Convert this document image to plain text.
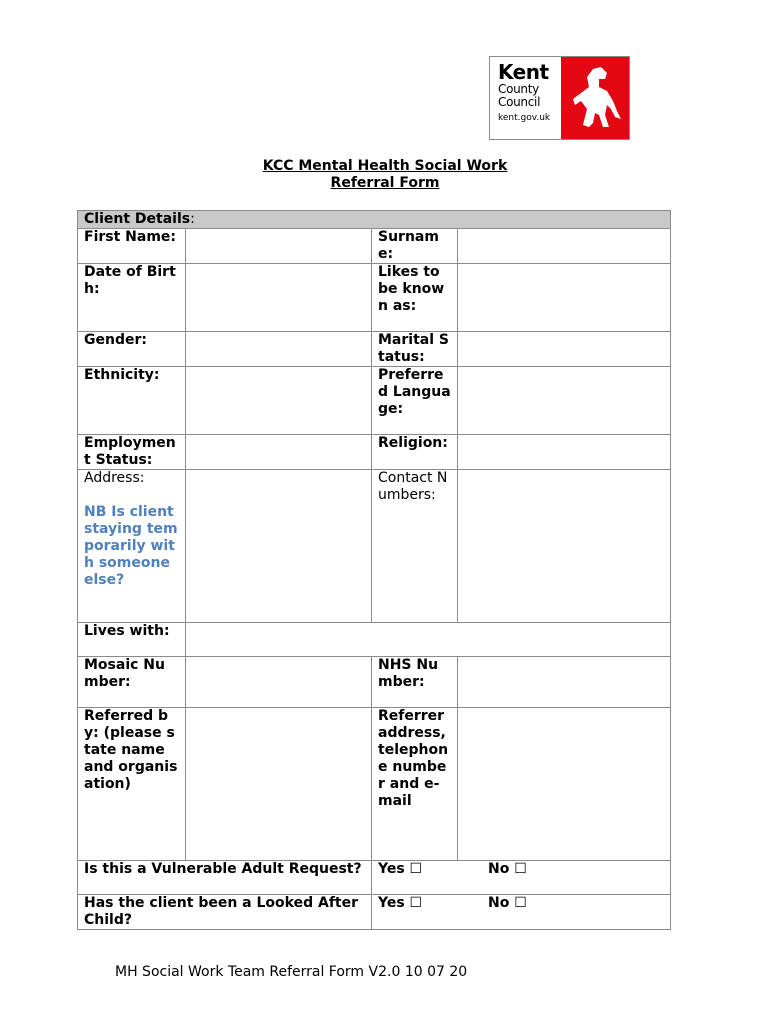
Kent
County
Council
kent.gov.uk
KCC Mental Health Social Work
Referral Form
Client Details:			
First Name:		Surname:	
Date of Birth:		Likes to be known as:	
Gender:		Marital Status:	
Ethnicity:		Preferred Language:	
Employment Status:		Religion:	

Address:
NB Is client staying temporarily with someone else?		Contact Numbers:	
Lives with:			
Mosaic Number:		NHS Number:	
Referred by: (please state name and organisation)		Referrer address, telephone number and e-mail	
Is this a Vulnerable Adult Request?		Yes ☐ No ☐	
Has the client been a Looked After Child?		Yes ☐ No ☐	
MH Social Work Team Referral Form V2.0 10 07 20
